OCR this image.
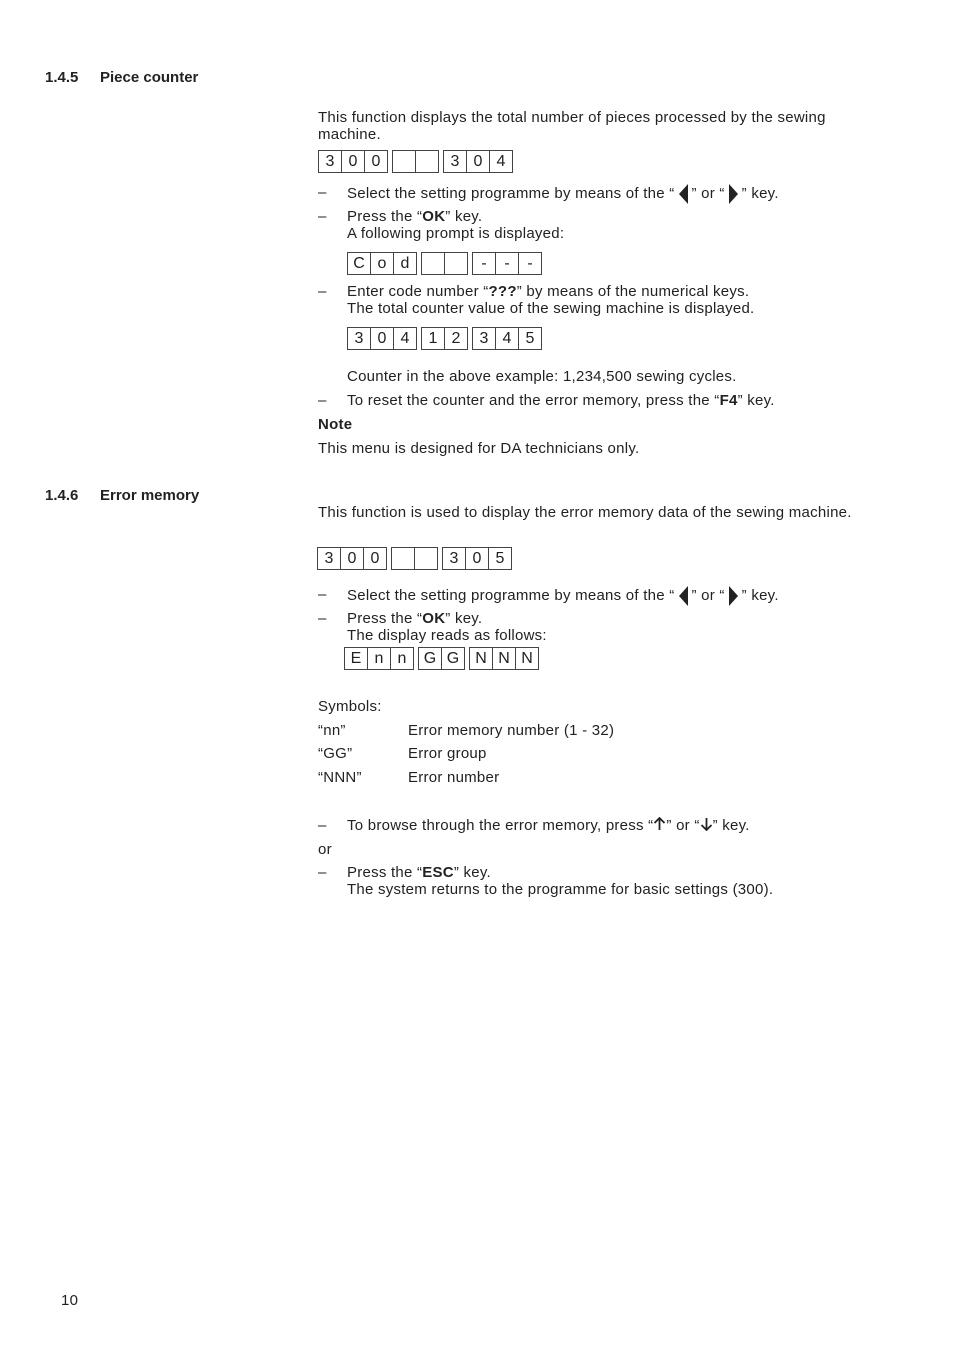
1.4.5 Piece counter
This function displays the total number of pieces processed by the sewing machine.
3 0 0	3 0 4
–	Select the setting programme by means of the “ ” or “ ” key.
–	Press the “OK” key.
A following prompt is displayed:
C o d	-	-	-
–	Enter code number “???” by means of the numerical keys.
The total counter value of the sewing machine is displayed.
3 0 4	1 2	3 4 5
Counter in the above example: 1,234,500 sewing cycles.
–	To reset the counter and the error memory, press the “F4” key.
Note
This menu is designed for DA technicians only.
1.4.6 Error memory
This function is used to display the error memory data of the sewing machine.
3 0 0	3 0 5
–	Select the setting programme by means of the “ ” or “ ” key.
–	Press the “OK” key.
The display reads as follows:
E n n	G G	N N N
Symbols:
“nn”	Error memory number (1 - 32)
“GG”	Error group
“NNN”	Error number
–	To browse through the error memory, press “ ” or “ ” key.
or
–	Press the “ESC” key.
The system returns to the programme for basic settings (300).
10
